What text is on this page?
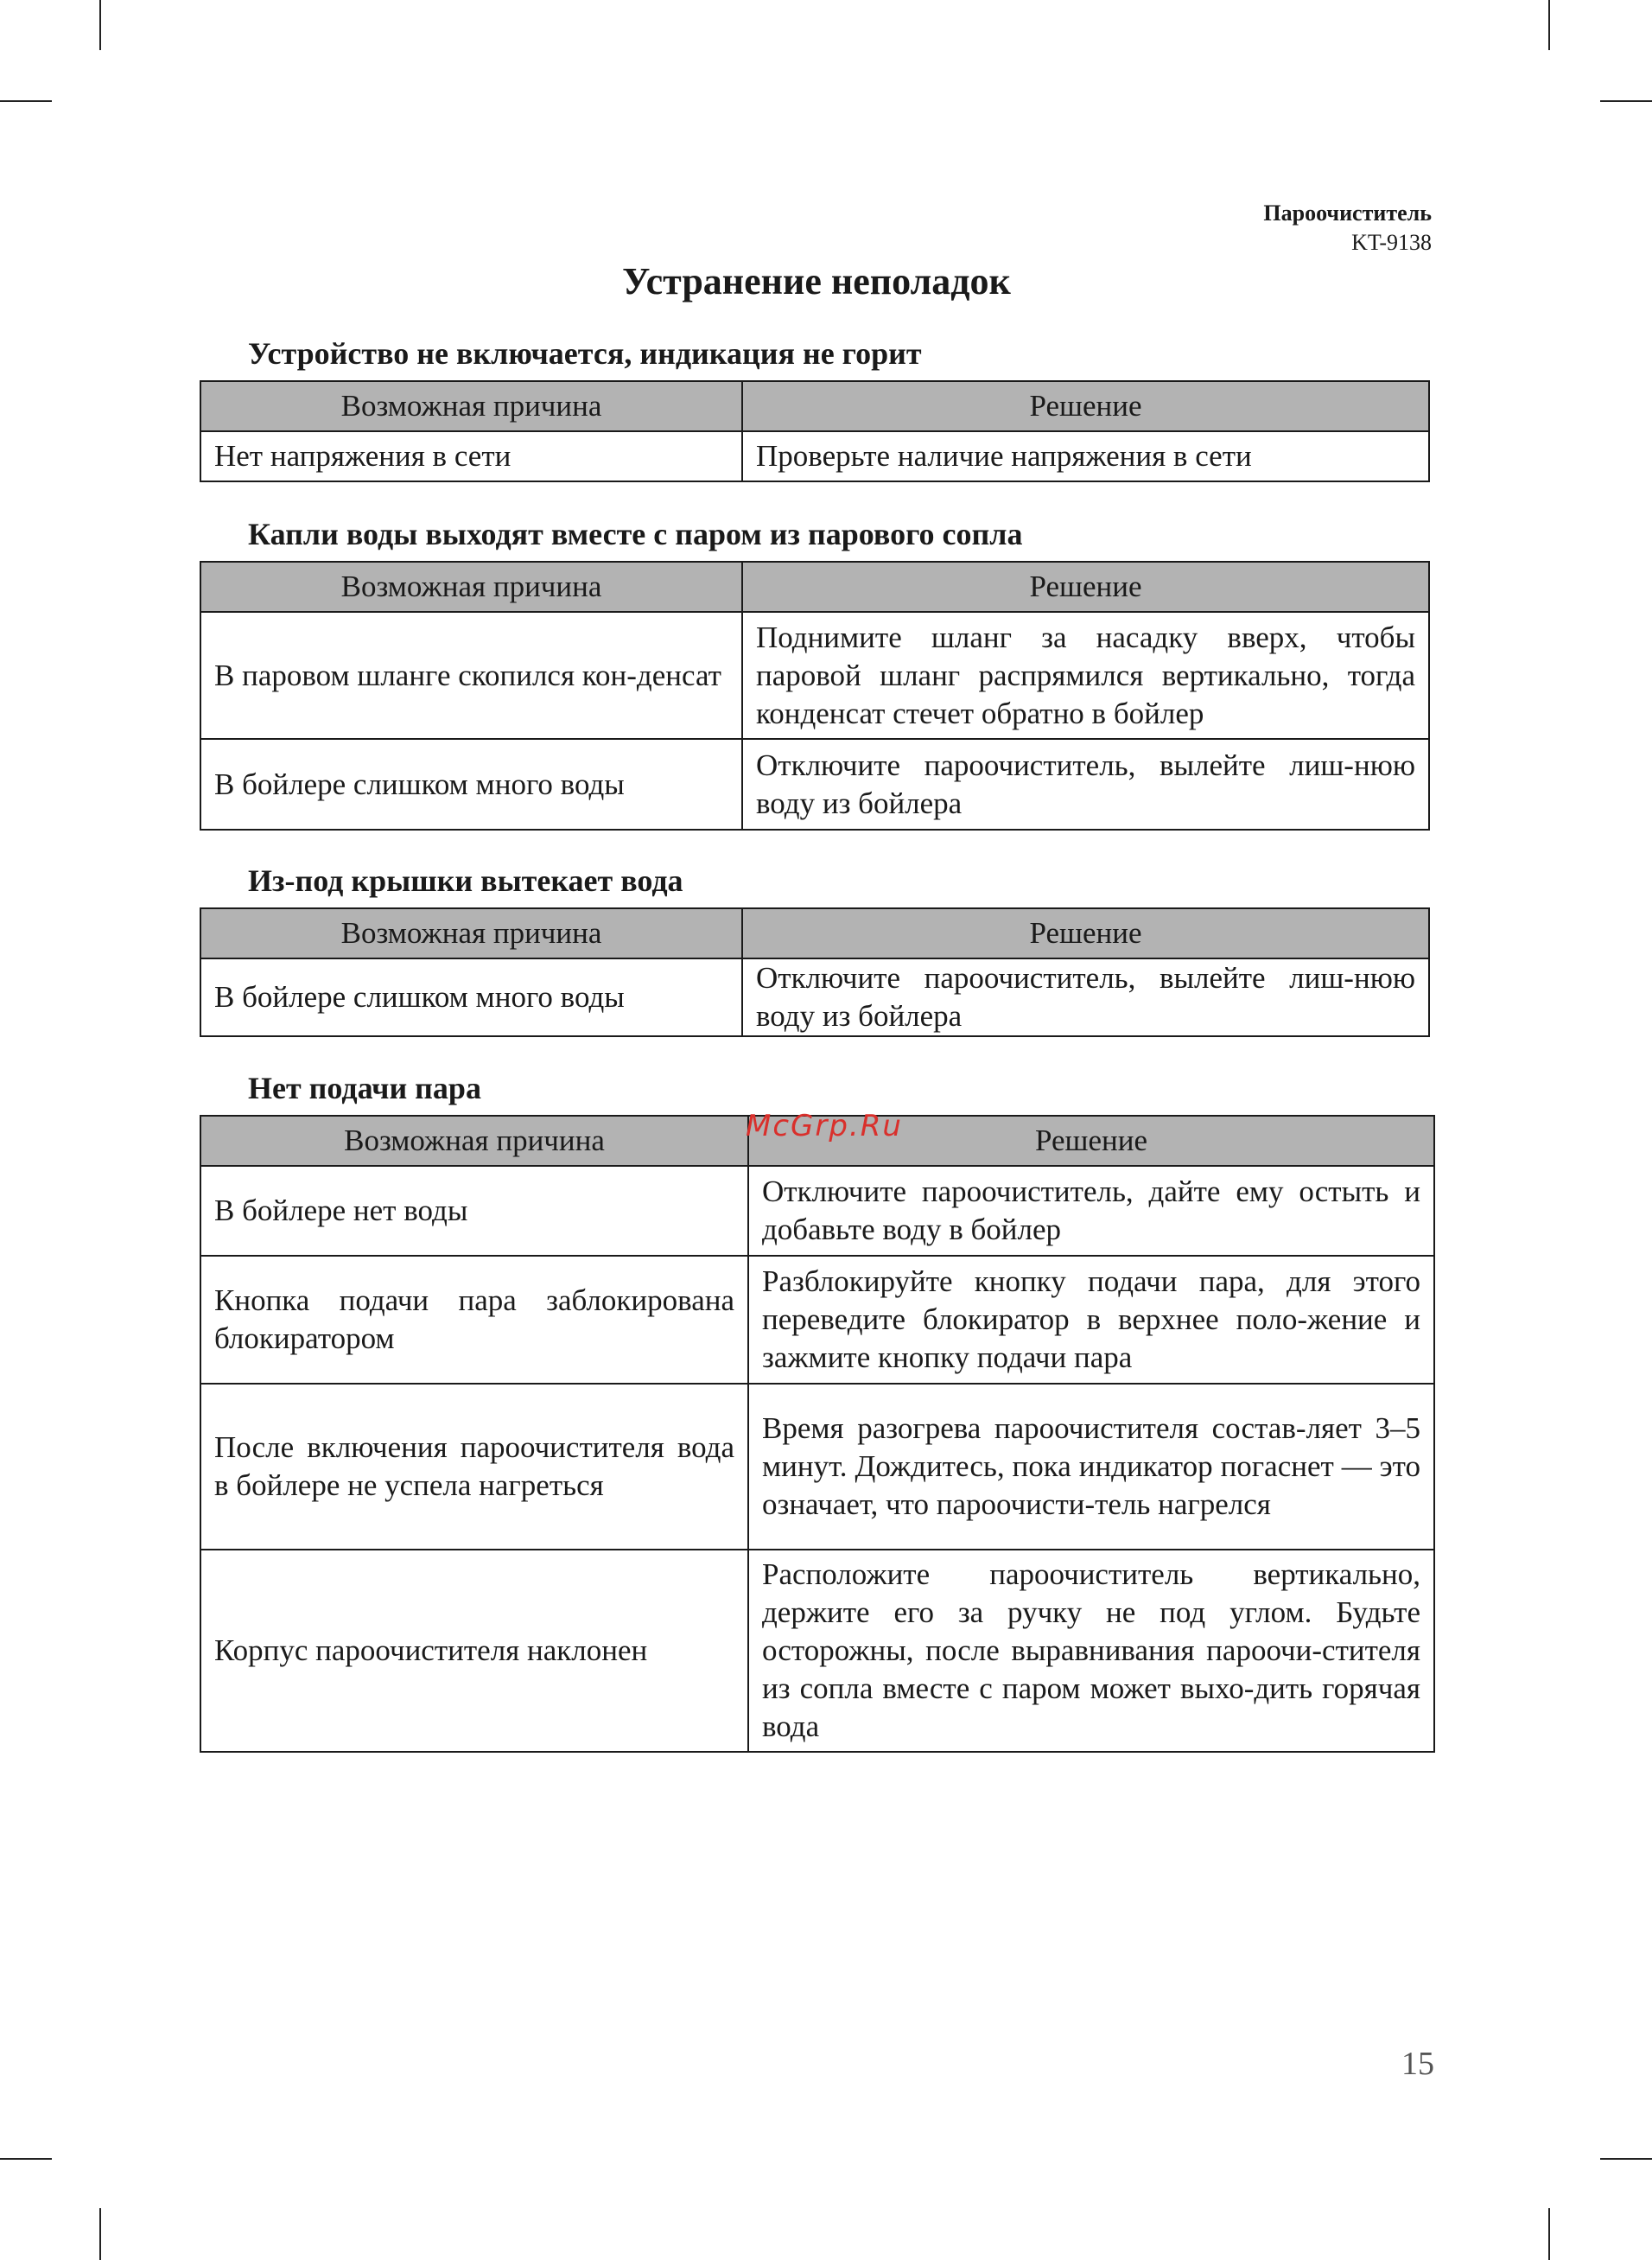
Пароочиститель
KT-9138
Устранение неполадок
Устройство не включается, индикация не горит
Возможная причина	Решение
Нет напряжения в сети	Проверьте наличие напряжения в сети
Капли воды выходят вместе с паром из парового сопла
Возможная причина	Решение
В паровом шланге скопился кон-денсат	Поднимите шланг за насадку вверх, чтобы паровой шланг распрямился вертикально, тогда конденсат стечет обратно в бойлер
В бойлере слишком много воды	Отключите пароочиститель, вылейте лиш-нюю воду из бойлера
Из-под крышки вытекает вода
Возможная причина	Решение
В бойлере слишком много воды	Отключите пароочиститель, вылейте лиш-нюю воду из бойлера
Нет подачи пара
Возможная причина	Решение
В бойлере нет воды	Отключите пароочиститель, дайте ему остыть и добавьте воду в бойлер
Кнопка подачи пара заблокирована блокиратором	Разблокируйте кнопку подачи пара, для этого переведите блокиратор в верхнее поло-жение и зажмите кнопку подачи пара
После включения пароочистителя вода в бойлере не успела нагреться	Время разогрева пароочистителя состав-ляет 3–5 минут. Дождитесь, пока индикатор погаснет — это означает, что пароочисти-тель нагрелся
Корпус пароочистителя наклонен	Расположите пароочиститель вертикально, держите его за ручку не под углом. Будьте осторожны, после выравнивания пароочи-стителя из сопла вместе с паром может выхо-дить горячая вода
McGrp.Ru
15
